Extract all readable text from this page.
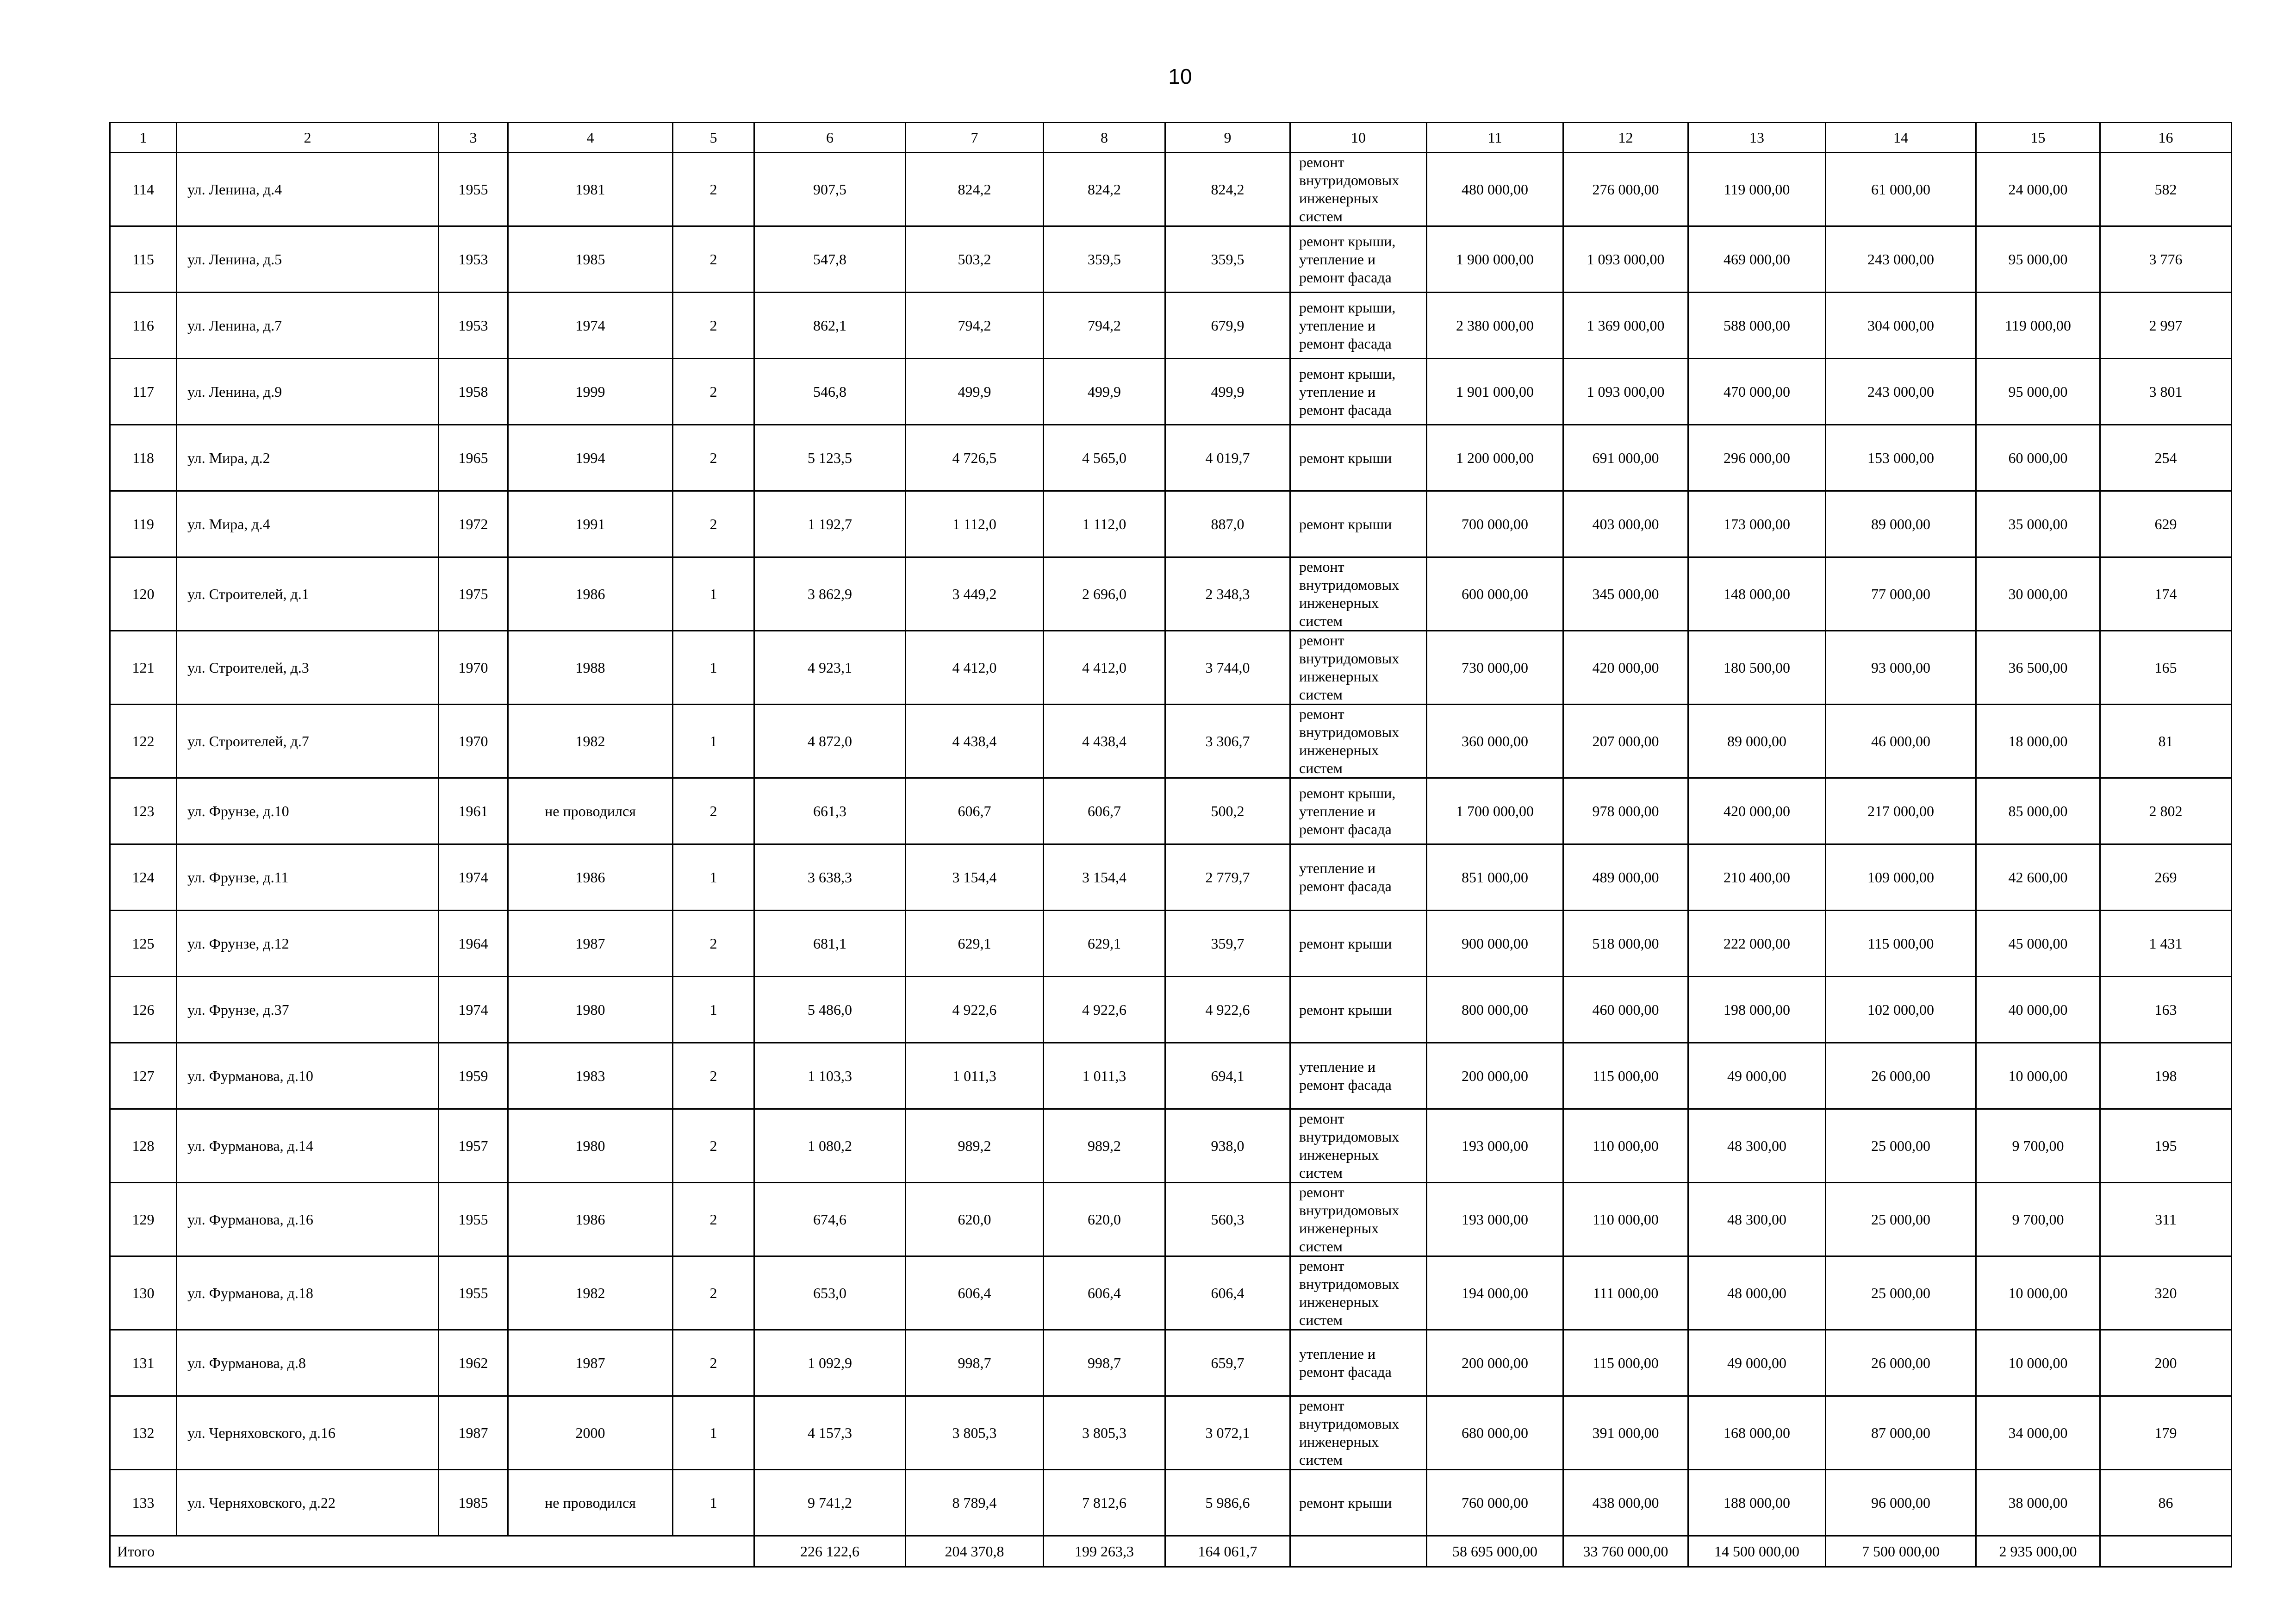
10
1	2	3	4	5	6	7	8	9	10	11	12	13	14	15	16
114	ул. Ленина, д.4	1955	1981	2	907,5	824,2	824,2	824,2	ремонт внутридомовых инженерных систем	480 000,00	276 000,00	119 000,00	61 000,00	24 000,00	582
115	ул. Ленина, д.5	1953	1985	2	547,8	503,2	359,5	359,5	ремонт крыши, утепление и ремонт фасада	1 900 000,00	1 093 000,00	469 000,00	243 000,00	95 000,00	3 776
116	ул. Ленина, д.7	1953	1974	2	862,1	794,2	794,2	679,9	ремонт крыши, утепление и ремонт фасада	2 380 000,00	1 369 000,00	588 000,00	304 000,00	119 000,00	2 997
117	ул. Ленина, д.9	1958	1999	2	546,8	499,9	499,9	499,9	ремонт крыши, утепление и ремонт фасада	1 901 000,00	1 093 000,00	470 000,00	243 000,00	95 000,00	3 801
118	ул. Мира, д.2	1965	1994	2	5 123,5	4 726,5	4 565,0	4 019,7	ремонт крыши	1 200 000,00	691 000,00	296 000,00	153 000,00	60 000,00	254
119	ул. Мира, д.4	1972	1991	2	1 192,7	1 112,0	1 112,0	887,0	ремонт крыши	700 000,00	403 000,00	173 000,00	89 000,00	35 000,00	629
120	ул. Строителей, д.1	1975	1986	1	3 862,9	3 449,2	2 696,0	2 348,3	ремонт внутридомовых инженерных систем	600 000,00	345 000,00	148 000,00	77 000,00	30 000,00	174
121	ул. Строителей, д.3	1970	1988	1	4 923,1	4 412,0	4 412,0	3 744,0	ремонт внутридомовых инженерных систем	730 000,00	420 000,00	180 500,00	93 000,00	36 500,00	165
122	ул. Строителей, д.7	1970	1982	1	4 872,0	4 438,4	4 438,4	3 306,7	ремонт внутридомовых инженерных систем	360 000,00	207 000,00	89 000,00	46 000,00	18 000,00	81
123	ул. Фрунзе, д.10	1961	не проводился	2	661,3	606,7	606,7	500,2	ремонт крыши, утепление и ремонт фасада	1 700 000,00	978 000,00	420 000,00	217 000,00	85 000,00	2 802
124	ул. Фрунзе, д.11	1974	1986	1	3 638,3	3 154,4	3 154,4	2 779,7	утепление и ремонт фасада	851 000,00	489 000,00	210 400,00	109 000,00	42 600,00	269
125	ул. Фрунзе, д.12	1964	1987	2	681,1	629,1	629,1	359,7	ремонт крыши	900 000,00	518 000,00	222 000,00	115 000,00	45 000,00	1 431
126	ул. Фрунзе, д.37	1974	1980	1	5 486,0	4 922,6	4 922,6	4 922,6	ремонт крыши	800 000,00	460 000,00	198 000,00	102 000,00	40 000,00	163
127	ул. Фурманова, д.10	1959	1983	2	1 103,3	1 011,3	1 011,3	694,1	утепление и ремонт фасада	200 000,00	115 000,00	49 000,00	26 000,00	10 000,00	198
128	ул. Фурманова, д.14	1957	1980	2	1 080,2	989,2	989,2	938,0	ремонт внутридомовых инженерных систем	193 000,00	110 000,00	48 300,00	25 000,00	9 700,00	195
129	ул. Фурманова, д.16	1955	1986	2	674,6	620,0	620,0	560,3	ремонт внутридомовых инженерных систем	193 000,00	110 000,00	48 300,00	25 000,00	9 700,00	311
130	ул. Фурманова, д.18	1955	1982	2	653,0	606,4	606,4	606,4	ремонт внутридомовых инженерных систем	194 000,00	111 000,00	48 000,00	25 000,00	10 000,00	320
131	ул. Фурманова, д.8	1962	1987	2	1 092,9	998,7	998,7	659,7	утепление и ремонт фасада	200 000,00	115 000,00	49 000,00	26 000,00	10 000,00	200
132	ул. Черняховского, д.16	1987	2000	1	4 157,3	3 805,3	3 805,3	3 072,1	ремонт внутридомовых инженерных систем	680 000,00	391 000,00	168 000,00	87 000,00	34 000,00	179
133	ул. Черняховского, д.22	1985	не проводился	1	9 741,2	8 789,4	7 812,6	5 986,6	ремонт крыши	760 000,00	438 000,00	188 000,00	96 000,00	38 000,00	86
Итого					226 122,6	204 370,8	199 263,3	164 061,7		58 695 000,00	33 760 000,00	14 500 000,00	7 500 000,00	2 935 000,00	
